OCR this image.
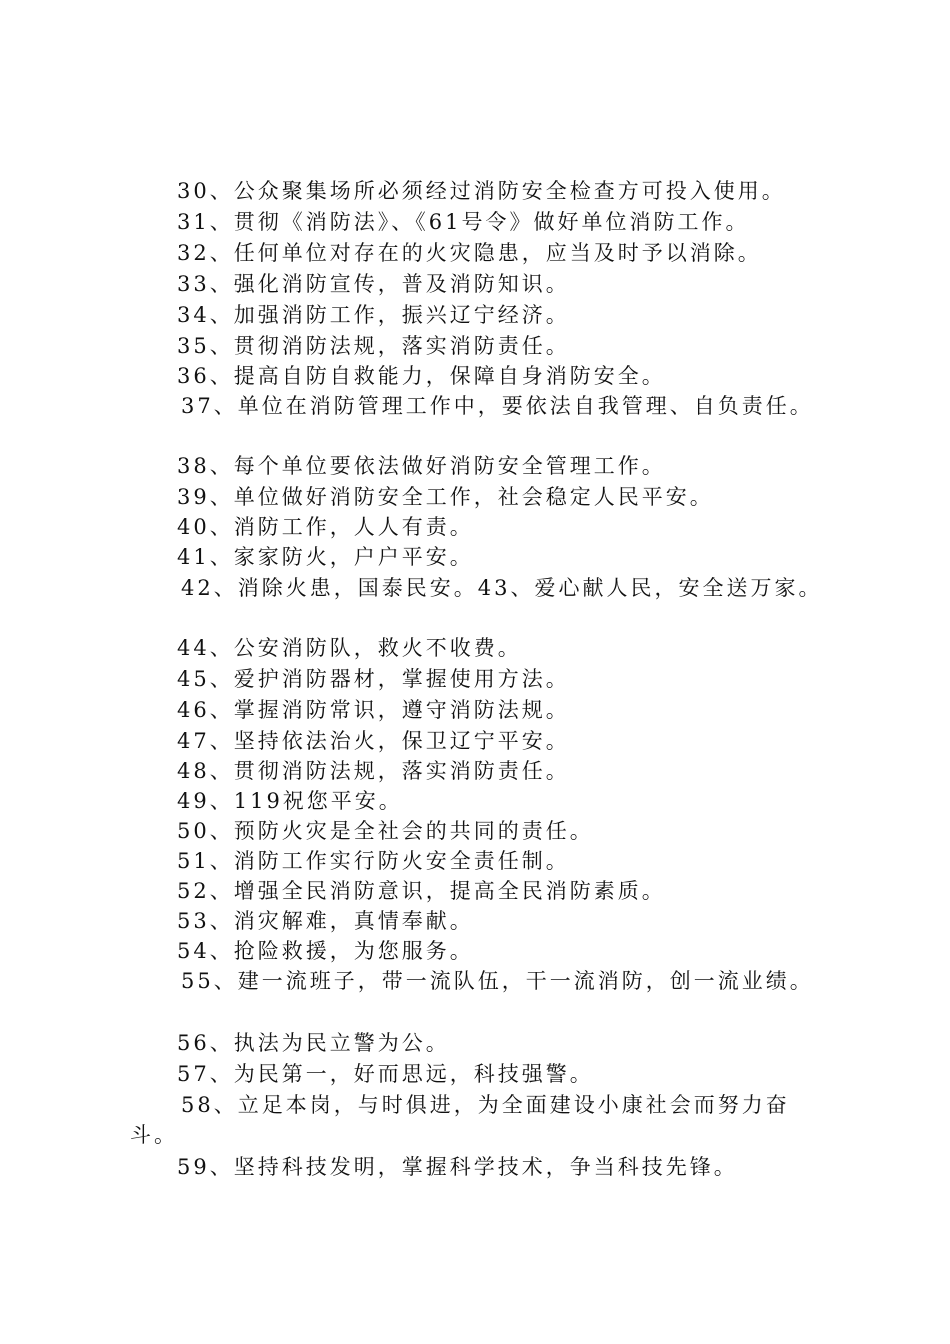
30、公众聚集场所必须经过消防安全检查方可投入使用。
31、贯彻《消防法》、《61号令》做好单位消防工作。
32、任何单位对存在的火灾隐患，应当及时予以消除。
33、强化消防宣传，普及消防知识。
34、加强消防工作，振兴辽宁经济。
35、贯彻消防法规，落实消防责任。
36、提高自防自救能力，保障自身消防安全。
37、单位在消防管理工作中，要依法自我管理、自负责任。
38、每个单位要依法做好消防安全管理工作。
39、单位做好消防安全工作，社会稳定人民平安。
40、消防工作，人人有责。
41、家家防火，户户平安。
42、消除火患，国泰民安。43、爱心献人民，安全送万家。
44、公安消防队，救火不收费。
45、爱护消防器材，掌握使用方法。
46、掌握消防常识，遵守消防法规。
47、坚持依法治火，保卫辽宁平安。
48、贯彻消防法规，落实消防责任。
49、119祝您平安。
50、预防火灾是全社会的共同的责任。
51、消防工作实行防火安全责任制。
52、增强全民消防意识，提高全民消防素质。
53、消灾解难，真情奉献。
54、抢险救援，为您服务。
55、建一流班子，带一流队伍，干一流消防，创一流业绩。
56、执法为民立警为公。
57、为民第一，好而思远，科技强警。
58、立足本岗，与时俱进，为全面建设小康社会而努力奋
斗。
59、坚持科技发明，掌握科学技术，争当科技先锋。
